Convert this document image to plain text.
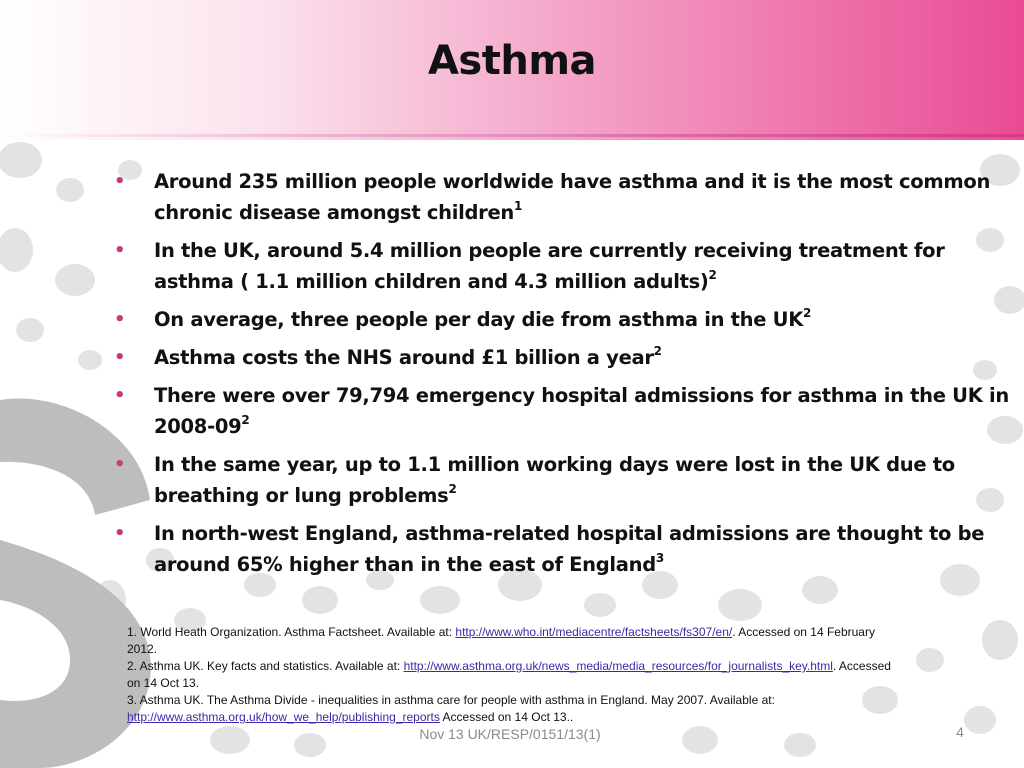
Asthma
• Around 235 million people worldwide have asthma and it is the most common chronic disease amongst children$^1$
• In the UK, around 5.4 million people are currently receiving treatment for asthma ( 1.1 million children and 4.3 million adults)$^2$
• On average, three people per day die from asthma in the $UK^2$
• Asthma costs the NHS around £1 billion a year$^2$
• There were over 79,794 emergency hospital admissions for asthma in the UK in $2008-09^2$
• In the same year, up to 1.1 million working days were lost in the UK due to breathing or lung problems$^2$
• In north-west England, asthma-related hospital admissions are thought to be around 65% higher than in the east of England$^3$
1. World Heath Organization. Asthma Factsheet. Available at: http://www.who.int/mediacentre/factsheets/fs307/en/. Accessed on 14 February 2012.
2. Asthma UK. Key facts and statistics. Available at: http://www.asthma.org.uk/news_media/media_resources/for_journalists_key.html. Accessed on 14 Oct 13.
3. Asthma UK. The Asthma Divide - inequalities in asthma care for people with asthma in England. May 2007. Available at: http://www.asthma.org.uk/how_we_help/publishing_reports Accessed on 14 Oct 13..
Nov 13 UK/RESP/0151/13(1)	4
